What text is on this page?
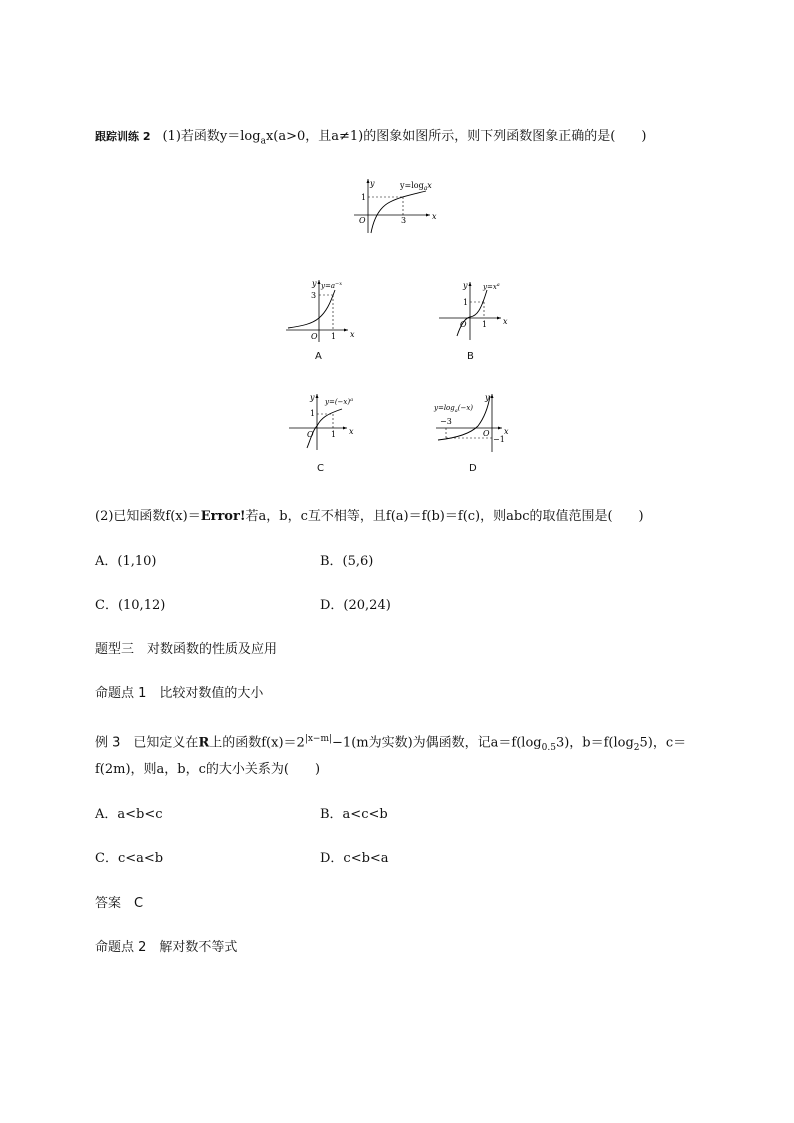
跟踪训练 2 (1)若函数$y=\log_ax(a>0$，且a≠1)的图象如图所示，则下列函数图象正确的是(　　)
y
x
O
1
3
$y=\log_ax$
y
x
O
3
1
$y=a^{-x}$
A
y
x
O
1
1
$y=x^a$
B
y
x
O
1
1
$y=(-x)^a$
C
y
x
O
−3
−1
$y=\log_a(-x)$
D
(2)已知函数f(x)＝Error!若a，b，c互不相等，且f(a)＝f(b)＝f(c)，则abc的取值范围是(　　)
A．(1,10)	B．(5,6)
C．(10,12)	D．(20,24)
题型三　对数函数的性质及应用
命题点 1　比较对数值的大小
例 3　 已知定义在R上的函数$f(x)=2^{|x-m|}-1(m$为实数)为偶函数，记$a=f(\log_{0.5}3)$，$b=f(\log_25)$，c＝
f(2m)，则a，b，c的大小关系为(　　)
A．a<b<c	B．a<c<b
C．c<a<b	D．c<b<a
答案　 C
命题点 2　解对数不等式
